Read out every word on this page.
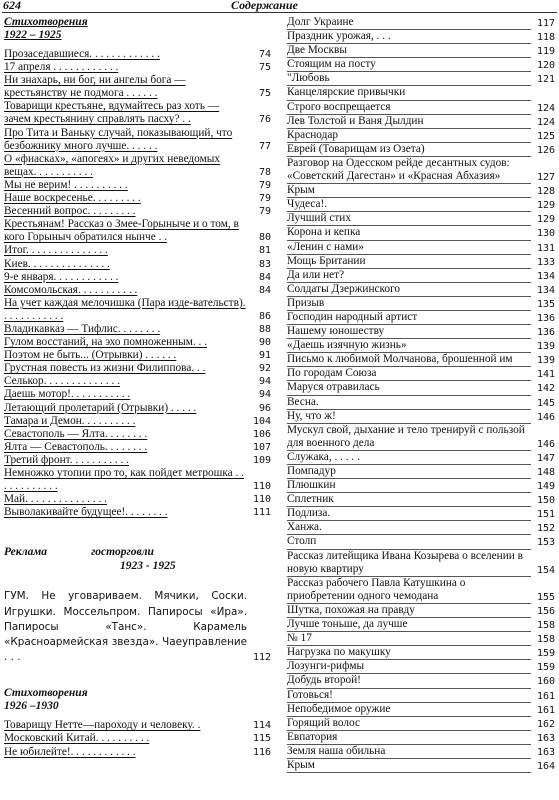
624	Содержание
Стихотворения
1922 – 1925
Прозаседавшиеся. . . . . . . . . . . . .	74
17 апреля . . . . . . . . . . . .	75
Ни знахарь, ни бог, ни ангелы бога — крестьянству не подмога . . . . . .	75
Товарищи крестьяне, вдумайтесь раз хоть — зачем крестьянину справлять пасху? . .	76
Про Тита и Ваньку случай, показывающий, что безбожнику много лучше. . . . . .	77
О «фиасках», «апогеях» и других неведомых вещах. . . . . . . . . . .	78
Мы не верим! . . . . . . . . . .	79
Наше воскресенье. . . . . . . . .	79
Весенний вопрос. . . . . . . . .	79
Крестьянам! Рассказ о Змее-Горыныче и о том, в кого Горыныч обратился нынче . .	80
Итог. . . . . . . . . . . . . . .	81
Киев. . . . . . . . . . . . . . .	83
9-е января. . . . . . . . . . . .	84
Комсомольская. . . . . . . . . . .	84
На учет каждая мелочишка (Пара изде-вательств). . . . . . . . . . . .	86
Владикавказ — Тифлис. . . . . . . .	88
Гулом восстаний, на эхо помноженным. . .	90
Поэтом не быть... (Отрывки) . . . . . .	91
Грустная повесть из жизни Филиппова. . .	92
Селькор. . . . . . . . . . . . . .	94
Даешь мотор!. . . . . . . . . . .	94
Летающий пролетарий (Отрывки) . . . . .	96
Тамара и Демон. . . . . . . . . .	104
Севастополь — Ялта. . . . . . . .	106
Ялта — Севастополь. . . . . . . .	107
Третий фронт. . . . . . . . . . .	109
Немножко утопии про то, как пойдет метрошка . . . . . . . . . . . .	110
Май. . . . . . . . . . . . . . .	110
Выволакивайте будущее!. . . . . . . .	111
Реклама	госторговли
1923 - 1925
ГУМ. Не уговариваем. Мячики, Соски. Игрушки. Моссельпром. Папиросы «Ира». Папиросы «Танс». Карамель «Красноармейская звезда». Чаеуправление . . .	112
Стихотворения
1926 –1930
Товарищу Нетте—пароходу и человеку. .	114
Московский Китай. . . . . . . . . .	115
Не юбилейте!. . . . . . . . . . . .	116
Долг Украине	117
Праздник урожая, . . .	118
Две Москвы	119
Стоящим на посту	120
"Любовь	121
Канцелярские привычки
Строго воспрещается	124
Лев Толстой и Ваня Дылдин	124
Краснодар	125
Еврей (Товарищам из Озета)	126
Разговор на Одесском рейде десантных судов: «Советский Дагестан» и «Красная Абхазия»	127
Крым	128
Чудеса!.	129
Лучший стих	129
Корона и кепка	130
«Ленин с нами»	131
Мощь Британии	133
Да или нет?	134
Солдаты Дзержинского	134
Призыв	135
Господин народный артист	136
Нашему юношеству	136
«Даешь изячную жизнь»	139
Письмо к любимой Молчанова, брошенной им	139
По городам Союза	141
Маруся отравилась	142
Весна.	145
Ну, что ж!	146
Мускул свой, дыхание и тело тренируй с пользой для военного дела	146
Служака, . . . . .	147
Помпадур	148
Плюшкин	149
Сплетник	150
Подлиза.	151
Ханжа.	152
Столп	153
Рассказ литейщика Ивана Козырева о вселении в новую квартиру	154
Рассказ рабочего Павла Катушкина о приобретении одного чемодана	155
Шутка, похожая на правду	156
Лучше тоньше, да лучше	158
№ 17	158
Нагрузка по макушку	159
Лозунги-рифмы	159
Добудь второй!	160
Готовься!	161
Непобедимое оружие	161
Горящий волос	162
Евпатория	163
Земля наша обильна	163
Крым	164
